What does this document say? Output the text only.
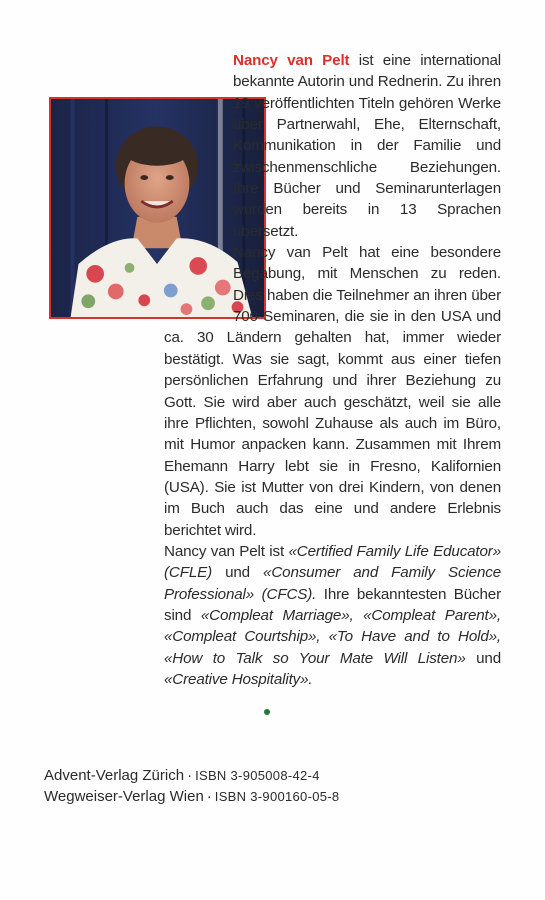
Nancy van Pelt ist eine international bekannte Autorin und Rednerin. Zu ihren 19 veröffentlichten Titeln gehören Werke über Partnerwahl, Ehe, Elternschaft, Kommunikation in der Familie und zwischenmenschliche Beziehungen. Ihre Bücher und Seminarunterlagen wurden bereits in 13 Sprachen übersetzt.

Nancy van Pelt hat eine besondere Begabung, mit Menschen zu reden. Dies haben die Teilnehmer an ihren über 700 Seminaren, die sie in den USA und ca. 30 Ländern gehalten hat, immer wieder bestätigt. Was sie sagt, kommt aus einer tiefen persönlichen Erfahrung und ihrer Beziehung zu Gott. Sie wird aber auch geschätzt, weil sie alle ihre Pflichten, sowohl Zuhause als auch im Büro, mit Humor anpacken kann. Zusammen mit Ihrem Ehemann Harry lebt sie in Fresno, Kalifornien (USA). Sie ist Mutter von drei Kindern, von denen im Buch auch das eine und andere Erlebnis berichtet wird.

Nancy van Pelt ist «Certified Family Life Educator» (CFLE) und «Consumer and Family Science Professional» (CFCS). Ihre bekanntesten Bücher sind «Compleat Marriage», «Compleat Parent», «Compleat Courtship», «To Have and to Hold», «How to Talk so Your Mate Will Listen» und «Creative Hospitality».

Advent-Verlag Zürich · ISBN 3-905008-42-4
Wegweiser-Verlag Wien · ISBN 3-900160-05-8
